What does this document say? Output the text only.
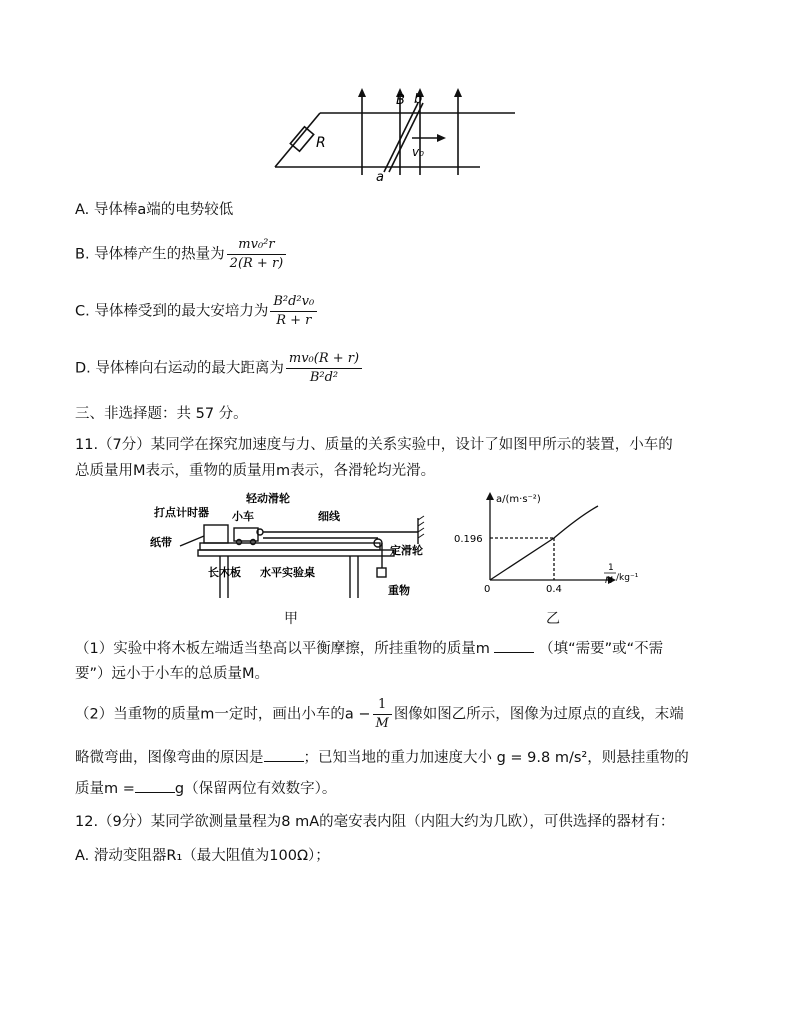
R
B b
v₀
a
A. 导体棒a端的电势较低
B. 导体棒产生的热量为 $\frac{\text{mv₀²r}}{2(R + r)}$
C. 导体棒受到的最大安培力为 $\frac{\text{B²d²v₀}}{R + r}$
D. 导体棒向右运动的最大距离为 $\frac{\text{mv₀(R + r)}}{\text{B²d²}}$
三、非选择题：共 57 分。
11.（7分）某同学在探究加速度与力、质量的关系实验中，设计了如图甲所示的装置，小车的
总质量用M表示，重物的质量用m表示，各滑轮均光滑。
打点计时器 小车
轻动滑轮
细线
纸带
定滑轮
长木板 水平实验桌
重物
a/(m·s⁻²)
0.196
0.4
0
1
M /kg⁻¹
甲	乙
（1）实验中将木板左端适当垫高以平衡摩擦，所挂重物的质量m	（填“需要”或“不需
要”）远小于小车的总质量M。
（2）当重物的质量m一定时，画出小车的$a - \frac{1}{M}$ 图像如图乙所示，图像为过原点的直线，末端
略微弯曲，图像弯曲的原因是	；已知当地的重力加速度大小 g = 9.8 m/s²，则悬挂重物的
质量m =	g（保留两位有效数字）。
12.（9分）某同学欲测量量程为8 mA的毫安表内阻（内阻大约为几欧），可供选择的器材有：
A. 滑动变阻器R₁（最大阻值为100Ω）；
